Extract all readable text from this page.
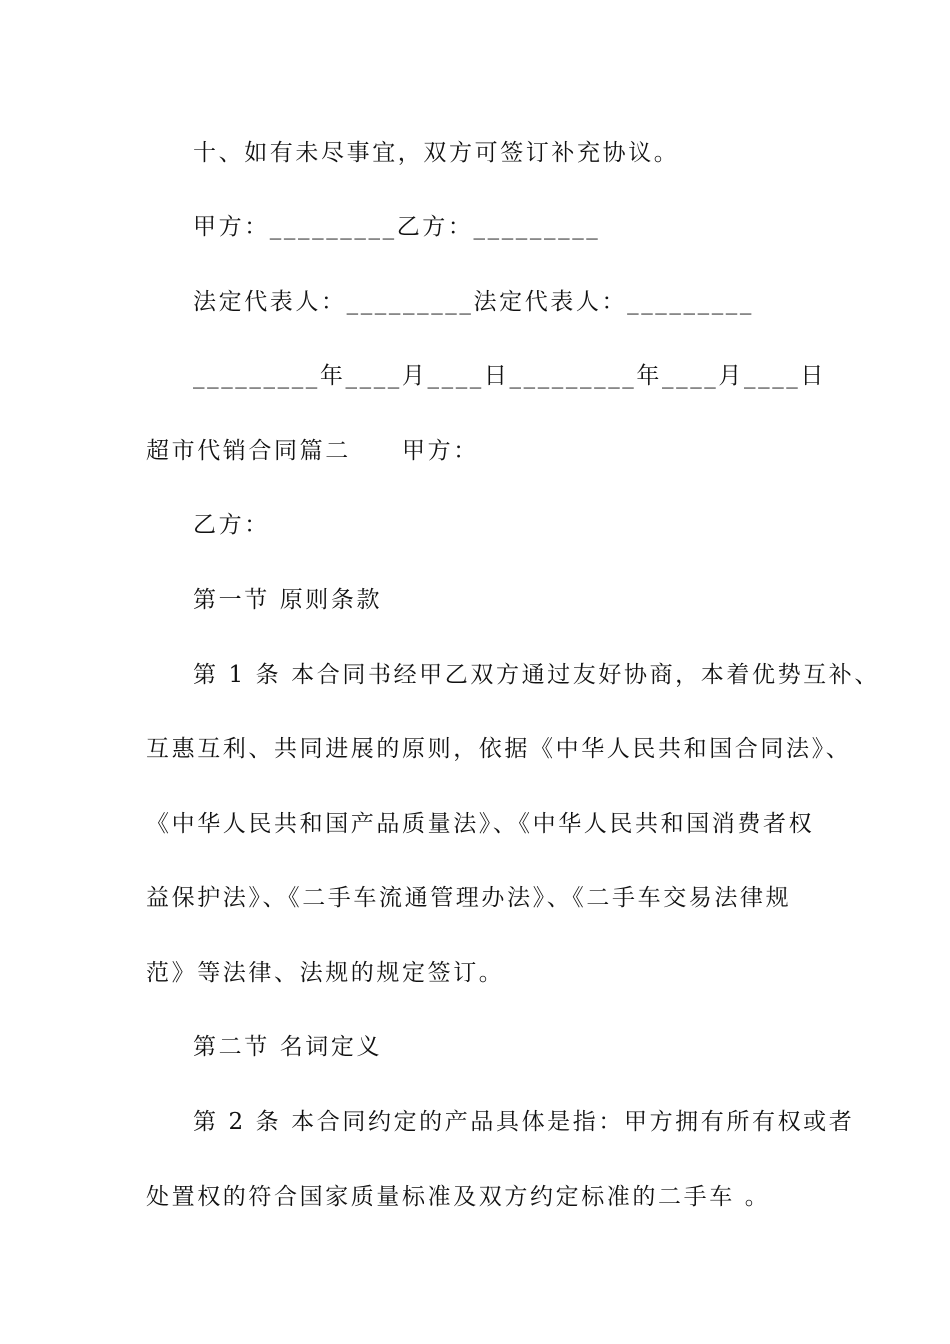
十、如有未尽事宜，双方可签订补充协议。
甲方：_________乙方：_________
法定代表人：_________法定代表人：_________
_________年____月____日_________年____月____日
超市代销合同篇二　　甲方：
乙方：
第一节 原则条款
第 1 条 本合同书经甲乙双方通过友好协商，本着优势互补、
互惠互利、共同进展的原则，依据《中华人民共和国合同法》、
《中华人民共和国产品质量法》、《中华人民共和国消费者权
益保护法》、《二手车流通管理办法》、《二手车交易法律规
范》等法律、法规的规定签订。
第二节 名词定义
第 2 条 本合同约定的产品具体是指：甲方拥有所有权或者
处置权的符合国家质量标准及双方约定标准的二手车 。
